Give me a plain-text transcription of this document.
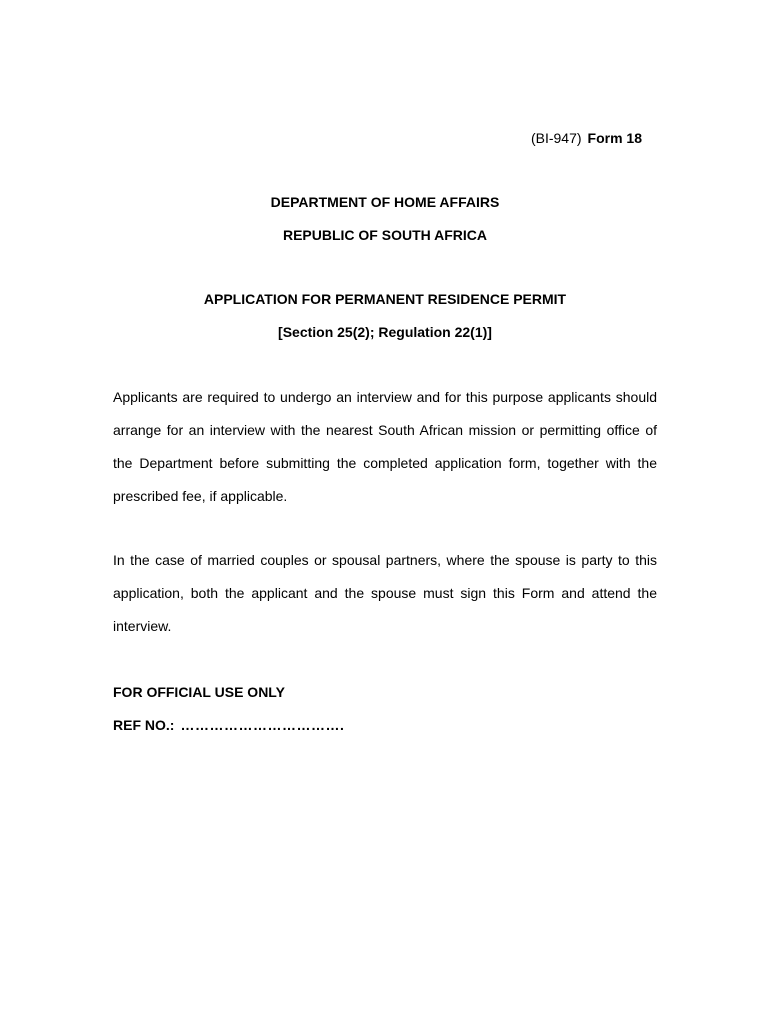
(BI-947) Form 18
DEPARTMENT OF HOME AFFAIRS
REPUBLIC OF SOUTH AFRICA
APPLICATION FOR PERMANENT RESIDENCE PERMIT
[Section 25(2); Regulation 22(1)]

Applicants are required to undergo an interview and for this purpose applicants should arrange for an interview with the nearest South African mission or permitting office of the Department before submitting the completed application form, together with the prescribed fee, if applicable.

In the case of married couples or spousal partners, where the spouse is party to this application, both the applicant and the spouse must sign this Form and attend the interview.

FOR OFFICIAL USE ONLY
REF NO.: …………………………….
